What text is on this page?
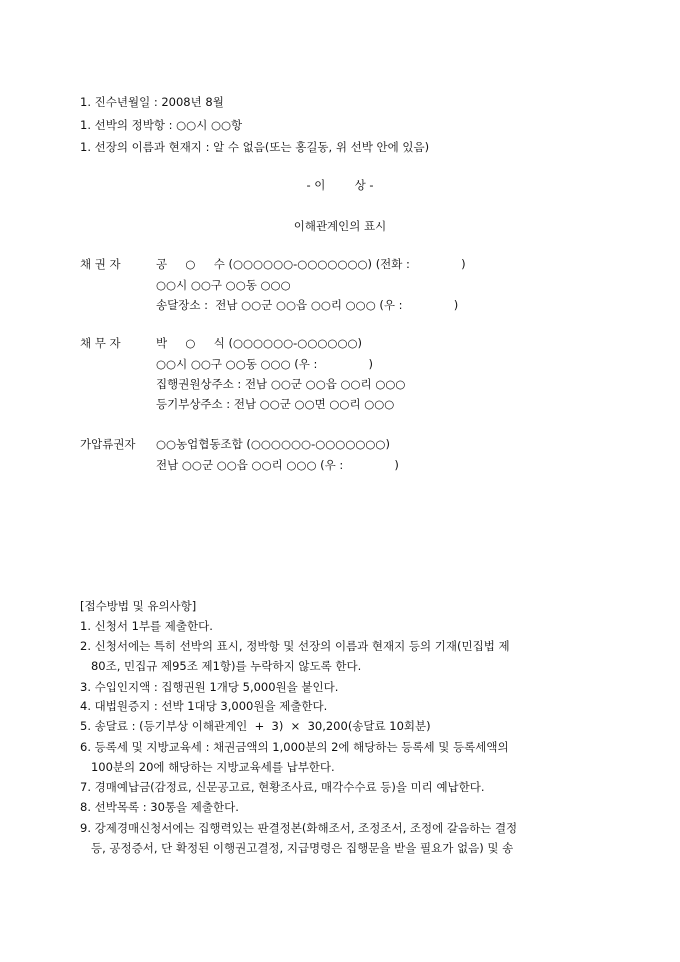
1. 진수년월일 : 2008년 8월
1. 선박의 정박항 : ○○시 ○○항
1. 선장의 이름과 현재지 : 알 수 없음(또는 홍길동, 위 선박 안에 있음)
- 이        상 -
이해관계인의 표시
채 권 자	공     ○     수 (○○○○○○-○○○○○○○) (전화 :              )
○○시 ○○구 ○○동 ○○○
송달장소 :  전남 ○○군 ○○읍 ○○리 ○○○ (우 :              )
채 무 자	박     ○     식 (○○○○○○-○○○○○○)
○○시 ○○구 ○○동 ○○○ (우 :              )
집행권원상주소 : 전남 ○○군 ○○읍 ○○리 ○○○
등기부상주소 : 전남 ○○군 ○○면 ○○리 ○○○
가압류권자 ○○농업협동조합 (○○○○○○-○○○○○○○)
전남 ○○군 ○○읍 ○○리 ○○○ (우 :              )
[접수방법 및 유의사항]
1. 신청서 1부를 제출한다.
2. 신청서에는 특히 선박의 표시, 정박항 및 선장의 이름과 현재지 등의 기재(민집법 제
80조, 민집규 제95조 제1항)를 누락하지 않도록 한다.
3. 수입인지액 : 집행권원 1개당 5,000원을 붙인다.
4. 대법원증지 : 선박 1대당 3,000원을 제출한다.
5. 송달료 : (등기부상 이해관계인  +  3)  ×  30,200(송달료 10회분)
6. 등록세 및 지방교육세 : 채권금액의 1,000분의 2에 해당하는 등록세 및 등록세액의
100분의 20에 해당하는 지방교육세를 납부한다.
7. 경매예납금(감정료, 신문공고료, 현황조사료, 매각수수료 등)을 미리 예납한다.
8. 선박목록 : 30통을 제출한다.
9. 강제경매신청서에는 집행력있는 판결정본(화해조서, 조정조서, 조정에 갈음하는 결정
등, 공정증서, 단 확정된 이행권고결정, 지급명령은 집행문을 받을 필요가 없음) 및 송
